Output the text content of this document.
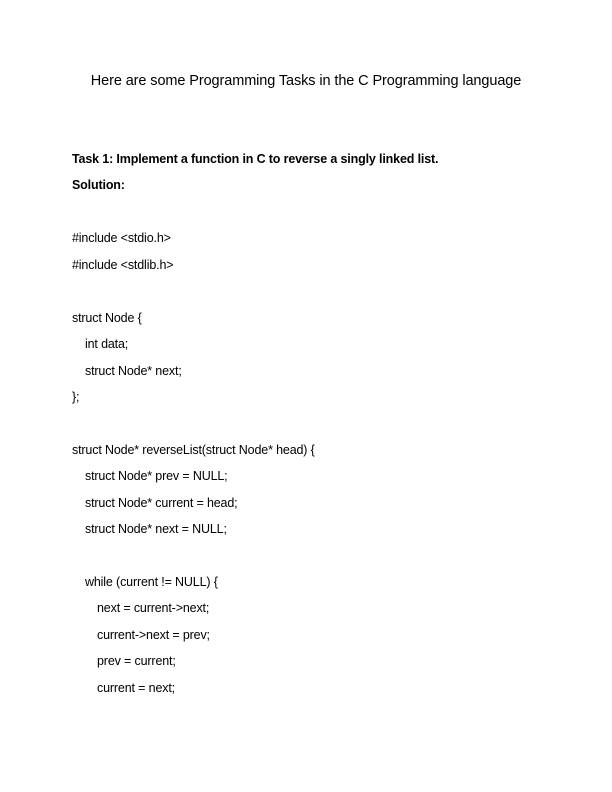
Here are some Programming Tasks in the C Programming language
Task 1: Implement a function in C to reverse a singly linked list.
Solution:
#include <stdio.h>
#include <stdlib.h>
struct Node {
int data;
struct Node* next;
};
struct Node* reverseList(struct Node* head) {
struct Node* prev = NULL;
struct Node* current = head;
struct Node* next = NULL;
while (current != NULL) {
next = current->next;
current->next = prev;
prev = current;
current = next;
